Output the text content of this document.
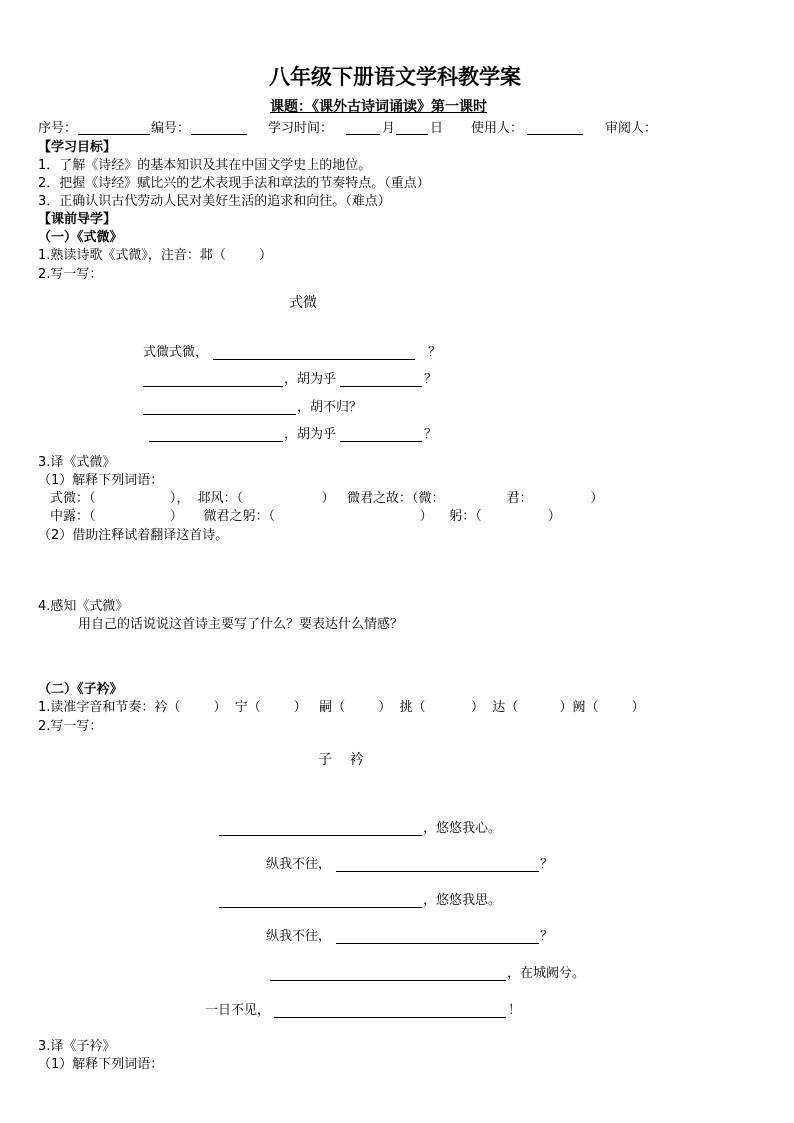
八年级下册语文学科教学案
课题：《课外古诗词诵读》第一课时
序号：	编号：	学习时间：	月	日 使用人：	审阅人：
【学习目标】
1．了解《诗经》的基本知识及其在中国文学史上的地位。
2．把握《诗经》赋比兴的艺术表现手法和章法的节奏特点。（重点）
3．正确认识古代劳动人民对美好生活的追求和向往。（难点）
【课前导学】
（一）《式微》
1.熟读诗歌《式微》，注音：邶（        ）
2.写一写：
式微
式微式微，	？
，胡为乎	？
，胡不归？
，胡为乎	？
3.译《式微》
（1）解释下列词语：
式微：（                  ），  邶风：（                   ）   微君之故：（微：               君：              ）
中露：（                  ）     微君之躬：（                                   ）    躬：（                ）
（2）借助注释试着翻译这首诗。
4.感知《式微》
用自己的话说说这首诗主要写了什么？要表达什么情感？
（二）《子衿》
1.读准字音和节奏：衿（        ）  宁（        ）   嗣（        ）  挑（           ）  达（          ）阙（        ）
2.写一写：
子    衿
，悠悠我心。
纵我不往，	？
，悠悠我思。
纵我不往，	？
，在城阙兮。
一日不见，	！
3.译《子衿》
（1）解释下列词语：
